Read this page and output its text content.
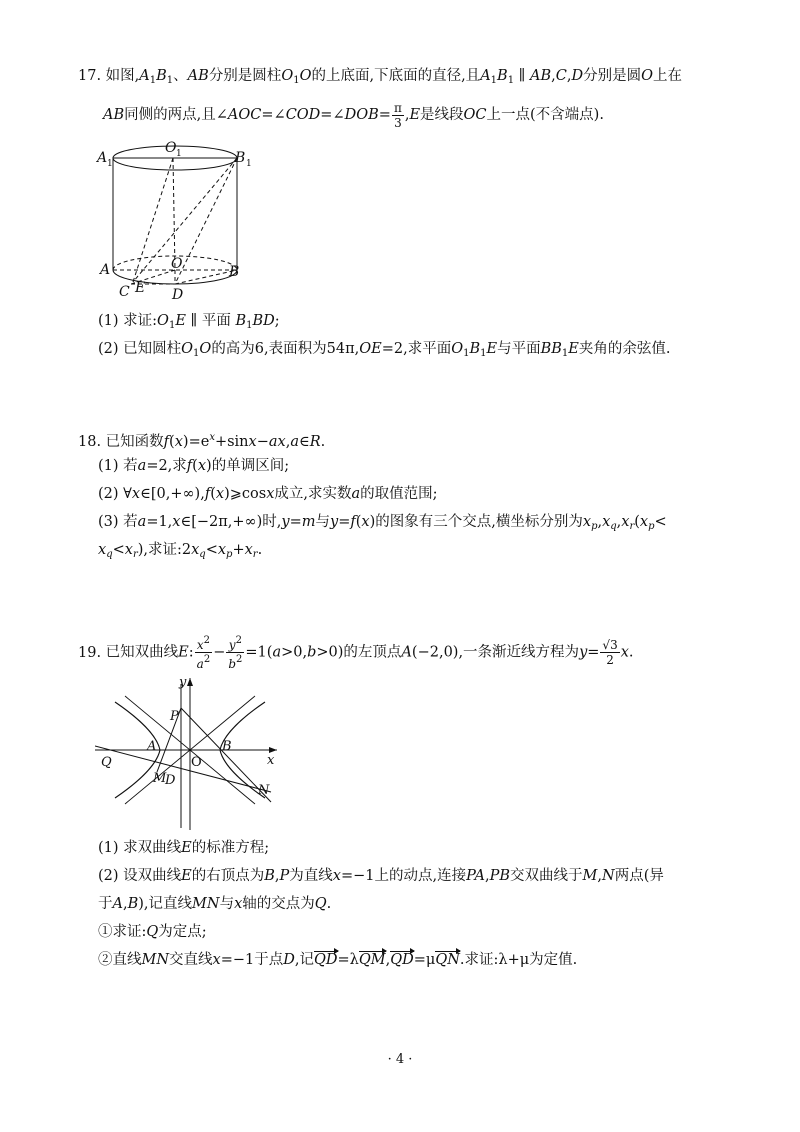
17. 如图$,A_1B_1$、AB分别是圆柱$O_1O$的上底面,下底面的直径,且$A_1B_1$ ∥ AB,C,D分别是圆O上在
AB同侧的两点,且∠AOC=∠COD=∠DOB= $\frac{\pi}{3} ,E$是线段OC上一点(不含端点).
A 1
O 1	B 1
A	O	B
C E D
(1) 求证$:O_1E$ ∥ 平面 $B_1BD$;
(2) 已知圆柱$O_1O$的高为6,表面积为54π,OE=2,求平面$O_1B_1E$与平面$BB_1E$夹角的余弦值.
18. 已知函数$f(x)=e^x+\sin x-ax,a\in R$.
(1) 若a=2,求f(x)的单调区间;
(2) ∀x∈[0,+∞),f(x)⩾cosx成立,求实数a的取值范围;
(3) 若a=1,x∈[−2π,+∞)时,y=m与y=f(x)的图象有三个交点,横坐标分别为$x_p,x_q,x_r(x_p<$
$x_q<x_r$),求证$:2x_q<x_p+x_r$.
19. 已知双曲线E: $\frac{x^2}{a^2} - \frac{y^2}{b^2} =1(a>0,b>0)$的左顶点A(−2,0),一条渐近线方程为$y= \frac{√3}{2} x$.
y
P
A	B
O	x
Q
M
D
N
(1) 求双曲线E的标准方程;
(2) 设双曲线E的右顶点为B,P为直线x=−1上的动点,连接PA,PB交双曲线于M,N两点(异
于A,B),记直线MN与x轴的交点为Q.
①求证:Q为定点;
②直线MN交直线x=−1于点D,记QD=λQM,QD=μQN.求证:λ+μ为定值.
· 4 ·
